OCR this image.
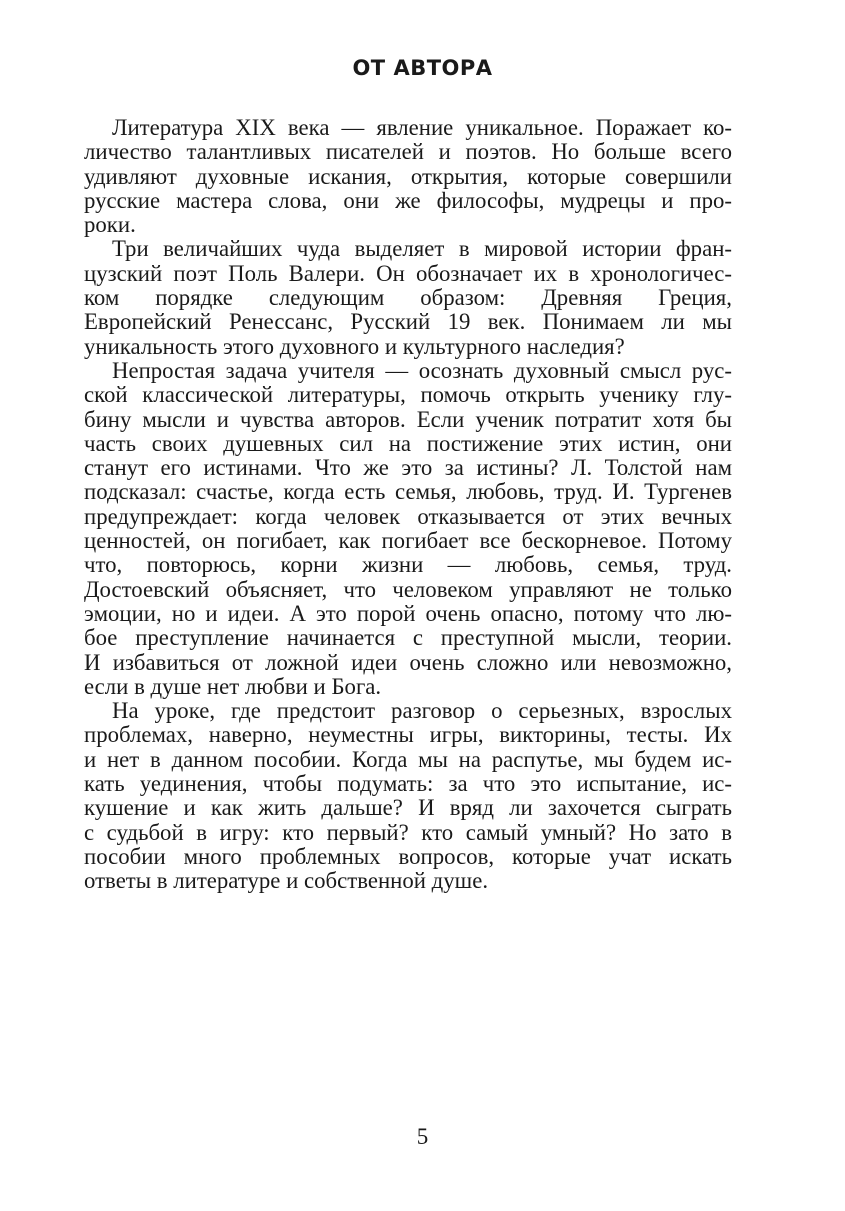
ОТ АВТОРА
Литература XIX века — явление уникальное. Поражает ко-
личество талантливых писателей и поэтов. Но больше всего
удивляют духовные искания, открытия, которые совершили
русские мастера слова, они же философы, мудрецы и про-
роки.
Три величайших чуда выделяет в мировой истории фран-
цузский поэт Поль Валери. Он обозначает их в хронологичес-
ком порядке следующим образом: Древняя Греция,
Европейский Ренессанс, Русский 19 век. Понимаем ли мы
уникальность этого духовного и культурного наследия?
Непростая задача учителя — осознать духовный смысл рус-
ской классической литературы, помочь открыть ученику глу-
бину мысли и чувства авторов. Если ученик потратит хотя бы
часть своих душевных сил на постижение этих истин, они
станут его истинами. Что же это за истины? Л. Толстой нам
подсказал: счастье, когда есть семья, любовь, труд. И. Тургенев
предупреждает: когда человек отказывается от этих вечных
ценностей, он погибает, как погибает все бескорневое. Потому
что, повторюсь, корни жизни — любовь, семья, труд.
Достоевский объясняет, что человеком управляют не только
эмоции, но и идеи. А это порой очень опасно, потому что лю-
бое преступление начинается с преступной мысли, теории.
И избавиться от ложной идеи очень сложно или невозможно,
если в душе нет любви и Бога.
На уроке, где предстоит разговор о серьезных, взрослых
проблемах, наверно, неуместны игры, викторины, тесты. Их
и нет в данном пособии. Когда мы на распутье, мы будем ис-
кать уединения, чтобы подумать: за что это испытание, ис-
кушение и как жить дальше? И вряд ли захочется сыграть
с судьбой в игру: кто первый? кто самый умный? Но зато в
пособии много проблемных вопросов, которые учат искать
ответы в литературе и собственной душе.
5
